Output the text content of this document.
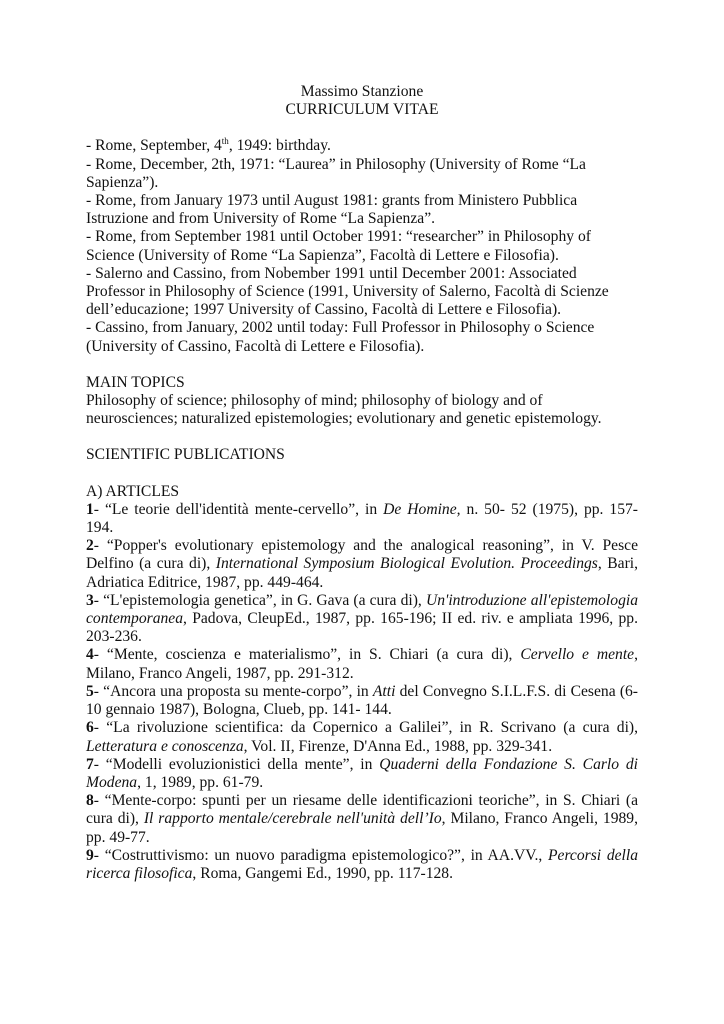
Massimo Stanzione

CURRICULUM VITAE

- Rome, September, 4th, 1949: birthday.

- Rome, December, 2th, 1971: “Laurea” in Philosophy (University of Rome “La Sapienza”).

- Rome, from January 1973 until August 1981: grants from Ministero Pubblica Istruzione and from University of Rome “La Sapienza”.

- Rome, from September 1981 until October 1991: “researcher” in Philosophy of Science (University of Rome “La Sapienza”, Facoltà di Lettere e Filosofia).

- Salerno and Cassino, from Nobember 1991 until December 2001: Associated Professor in Philosophy of Science (1991, University of Salerno, Facoltà di Scienze dell’educazione; 1997 University of Cassino, Facoltà di Lettere e Filosofia).

- Cassino, from January, 2002 until today: Full Professor in Philosophy o Science (University of Cassino, Facoltà di Lettere e Filosofia).

MAIN TOPICS

Philosophy of science; philosophy of mind; philosophy of biology and of neurosciences; naturalized epistemologies; evolutionary and genetic epistemology.

SCIENTIFIC PUBLICATIONS

A) ARTICLES

1- “Le teorie dell'identità mente-cervello”, in De Homine, n. 50- 52 (1975), pp. 157-194.

2- “Popper's evolutionary epistemology and the analogical reasoning”, in V. Pesce Delfino (a cura di), International Symposium Biological Evolution. Proceedings, Bari, Adriatica Editrice, 1987, pp. 449-464.

3- “L'epistemologia genetica”, in G. Gava (a cura di), Un'introduzione all'epistemologia contemporanea, Padova, CleupEd., 1987, pp. 165-196; II ed. riv. e ampliata 1996, pp. 203-236.

4- “Mente, coscienza e materialismo”, in S. Chiari (a cura di), Cervello e mente, Milano, Franco Angeli, 1987, pp. 291-312.

5- “Ancora una proposta su mente-corpo”, in Atti del Convegno S.I.L.F.S. di Cesena (6-10 gennaio 1987), Bologna, Clueb, pp. 141- 144.

6- “La rivoluzione scientifica: da Copernico a Galilei”, in R. Scrivano (a cura di), Letteratura e conoscenza, Vol. II, Firenze, D'Anna Ed., 1988, pp. 329-341.

7- “Modelli evoluzionistici della mente”, in Quaderni della Fondazione S. Carlo di Modena, 1, 1989, pp. 61-79.

8- “Mente-corpo: spunti per un riesame delle identificazioni teoriche”, in S. Chiari (a cura di), Il rapporto mentale/cerebrale nell'unità dell’Io, Milano, Franco Angeli, 1989, pp. 49-77.

9- “Costruttivismo: un nuovo paradigma epistemologico?”, in AA.VV., Percorsi della ricerca filosofica, Roma, Gangemi Ed., 1990, pp. 117-128.
